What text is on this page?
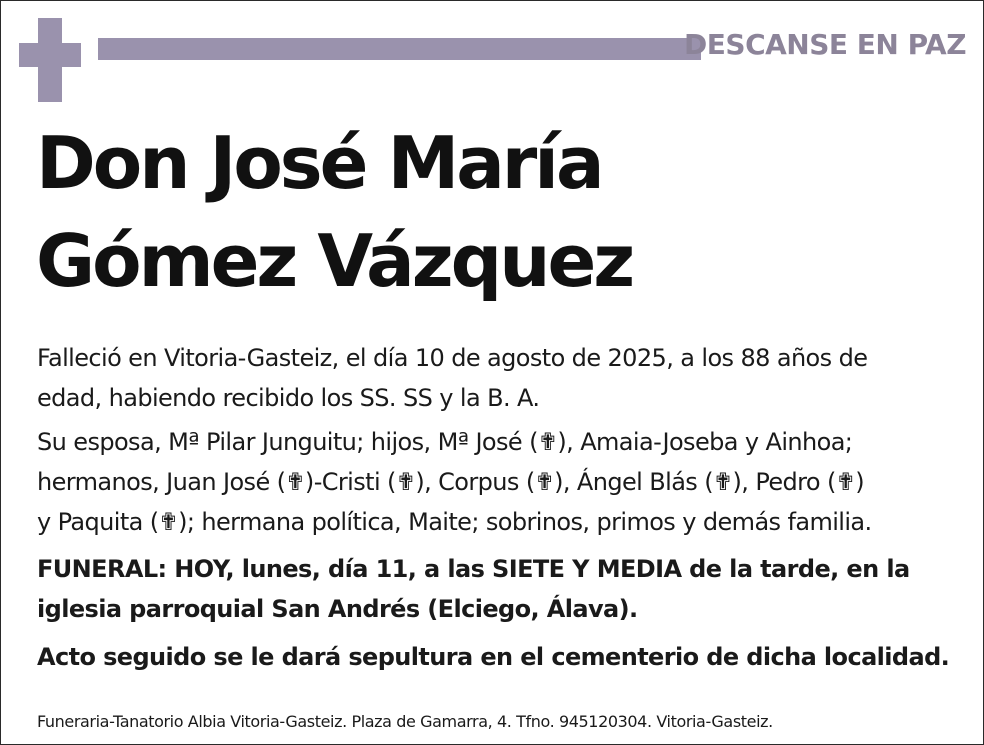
DESCANSE EN PAZ
Don José María
Gómez Vázquez
Falleció en Vitoria-Gasteiz, el día 10 de agosto de 2025, a los 88 años de
edad, habiendo recibido los SS. SS y la B. A.
Su esposa, Mª Pilar Junguitu; hijos, Mª José (✟), Amaia-Joseba y Ainhoa;
hermanos, Juan José (✟)-Cristi (✟), Corpus (✟), Ángel Blás (✟), Pedro (✟)
y Paquita (✟); hermana política, Maite; sobrinos, primos y demás familia.
FUNERAL: HOY, lunes, día 11, a las SIETE Y MEDIA de la tarde, en la
iglesia parroquial San Andrés (Elciego, Álava).
Acto seguido se le dará sepultura en el cementerio de dicha localidad.
Funeraria-Tanatorio Albia Vitoria-Gasteiz. Plaza de Gamarra, 4. Tfno. 945120304. Vitoria-Gasteiz.
